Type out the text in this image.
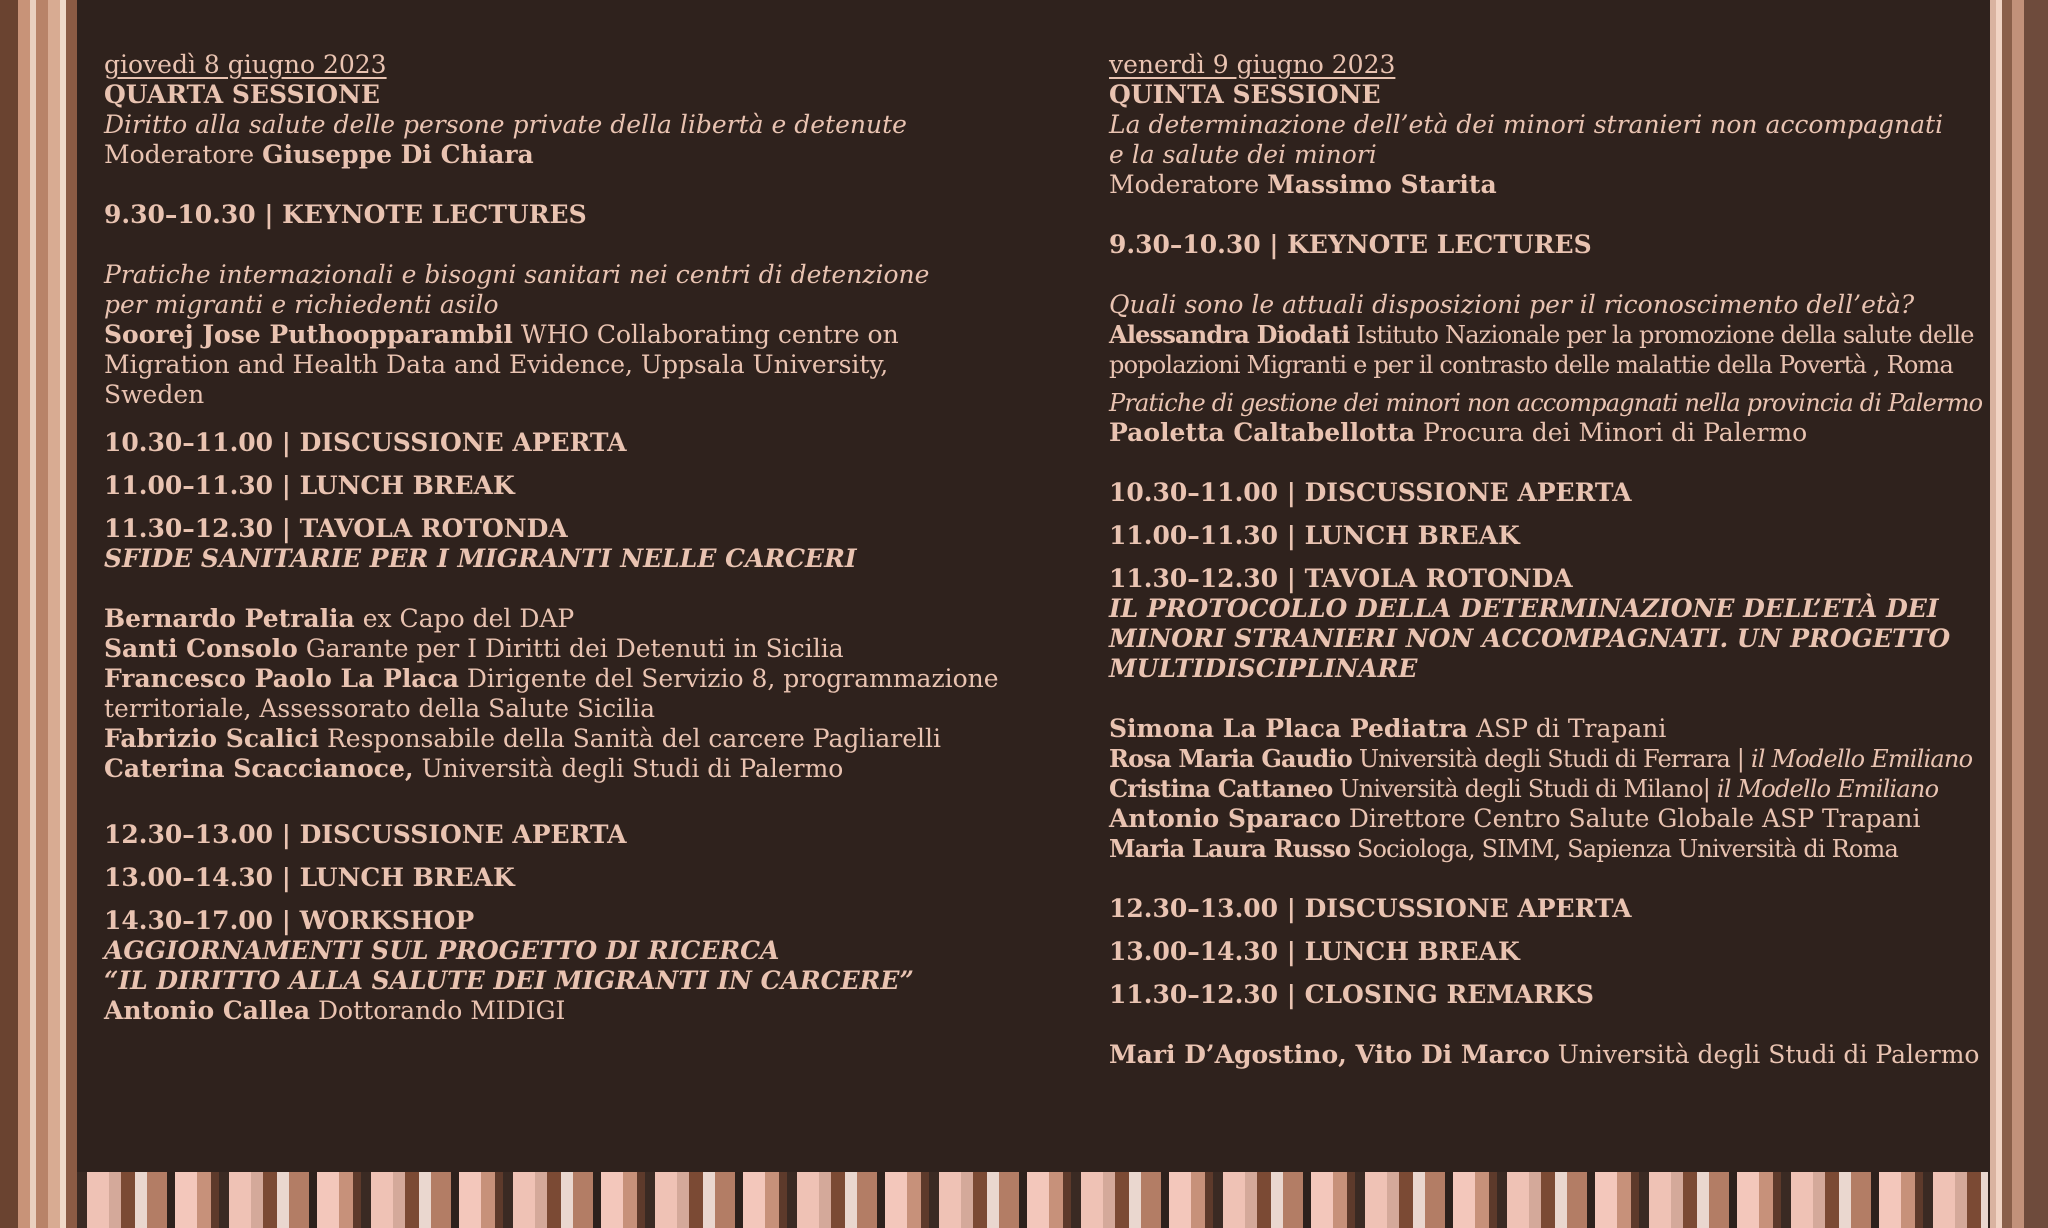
giovedì 8 giugno 2023

QUARTA SESSIONE

Diritto alla salute delle persone private della libertà e detenute

Moderatore Giuseppe Di Chiara

9.30–10.30 | KEYNOTE LECTURES

Pratiche internazionali e bisogni sanitari nei centri di detenzione

per migranti e richiedenti asilo

Soorej Jose Puthoopparambil WHO Collaborating centre on

Migration and Health Data and Evidence, Uppsala University,

Sweden

10.30–11.00 | DISCUSSIONE APERTA

11.00–11.30 | LUNCH BREAK

11.30–12.30 | TAVOLA ROTONDA

SFIDE SANITARIE PER I MIGRANTI NELLE CARCERI

Bernardo Petralia ex Capo del DAP

Santi Consolo Garante per I Diritti dei Detenuti in Sicilia

Francesco Paolo La Placa Dirigente del Servizio 8, programmazione

territoriale, Assessorato della Salute Sicilia

Fabrizio Scalici Responsabile della Sanità del carcere Pagliarelli

Caterina Scaccianoce, Università degli Studi di Palermo

12.30–13.00 | DISCUSSIONE APERTA

13.00–14.30 | LUNCH BREAK

14.30–17.00 | WORKSHOP

AGGIORNAMENTI SUL PROGETTO DI RICERCA

“IL DIRITTO ALLA SALUTE DEI MIGRANTI IN CARCERE”

Antonio Callea Dottorando MIDIGI

venerdì 9 giugno 2023

QUINTA SESSIONE

La determinazione dell’età dei minori stranieri non accompagnati

e la salute dei minori

Moderatore Massimo Starita

9.30–10.30 | KEYNOTE LECTURES

Quali sono le attuali disposizioni per il riconoscimento dell’età?

Alessandra Diodati Istituto Nazionale per la promozione della salute delle

popolazioni Migranti e per il contrasto delle malattie della Povertà , Roma

Pratiche di gestione dei minori non accompagnati nella provincia di Palermo

Paoletta Caltabellotta Procura dei Minori di Palermo

10.30–11.00 | DISCUSSIONE APERTA

11.00–11.30 | LUNCH BREAK

11.30–12.30 | TAVOLA ROTONDA

IL PROTOCOLLO DELLA DETERMINAZIONE DELL’ETÀ DEI

MINORI STRANIERI NON ACCOMPAGNATI. UN PROGETTO

MULTIDISCIPLINARE

Simona La Placa Pediatra ASP di Trapani

Rosa Maria Gaudio Università degli Studi di Ferrara | il Modello Emiliano

Cristina Cattaneo Università degli Studi di Milano| il Modello Emiliano

Antonio Sparaco Direttore Centro Salute Globale ASP Trapani

Maria Laura Russo Sociologa, SIMM, Sapienza Università di Roma

12.30–13.00 | DISCUSSIONE APERTA

13.00–14.30 | LUNCH BREAK

11.30–12.30 | CLOSING REMARKS

Mari D’Agostino, Vito Di Marco Università degli Studi di Palermo
